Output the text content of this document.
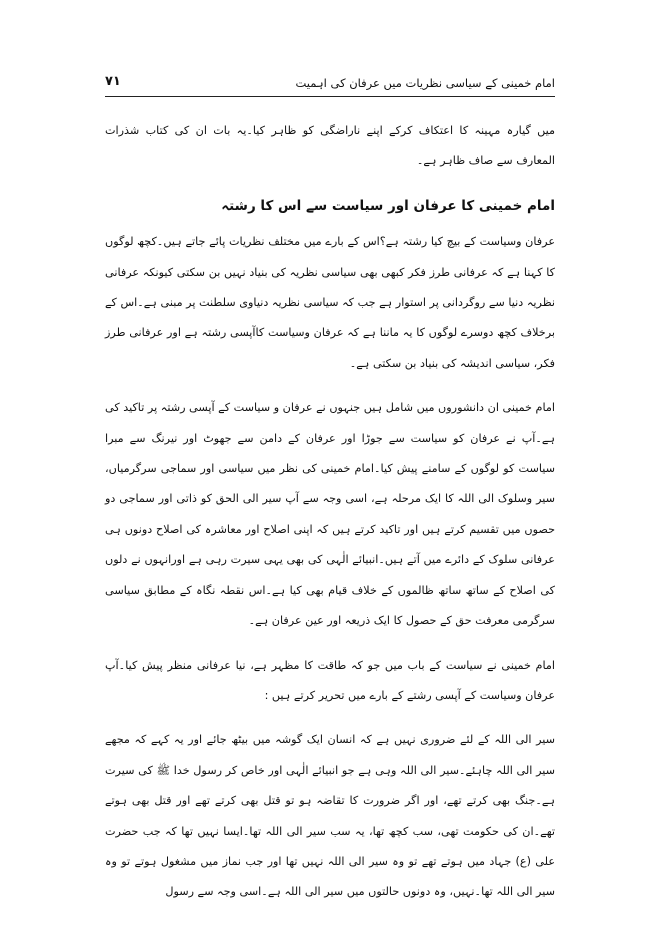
امام خمینی کے سیاسی نظریات میں عرفان کی اہمیت
۷۱

میں گیارہ مہینہ کا اعتکاف کرکے اپنے ناراضگی کو ظاہر کیا۔یہ بات ان کی کتاب شذرات المعارف سے صاف ظاہر ہے۔

امام خمینی کا عرفان اور سیاست سے اس کا رشتہ

عرفان وسیاست کے بیچ کیا رشتہ ہے؟اس کے بارے میں مختلف نظریات پائے جاتے ہیں۔کچھ لوگوں کا کہنا ہے کہ عرفانی طرز فکر کبھی بھی سیاسی نظریہ کی بنیاد نہیں بن سکتی کیونکہ عرفانی نظریہ دنیا سے روگردانی پر استوار ہے جب کہ سیاسی نظریہ دنیاوی سلطنت پر مبنی ہے۔اس کے برخلاف کچھ دوسرے لوگوں کا یہ ماننا ہے کہ عرفان وسیاست کاآپسی رشتہ ہے اور عرفانی طرز فکر، سیاسی اندیشہ کی بنیاد بن سکتی ہے۔

امام خمینی ان دانشوروں میں شامل ہیں جنہوں نے عرفان و سیاست کے آپسی رشتہ پر تاکید کی ہے۔آپ نے عرفان کو سیاست سے جوڑا اور عرفان کے دامن سے جھوٹ اور نیرنگ سے مبرا سیاست کو لوگوں کے سامنے پیش کیا۔امام خمینی کی نظر میں سیاسی اور سماجی سرگرمیاں، سیر وسلوک الی اللہ کا ایک مرحلہ ہے، اسی وجہ سے آپ سیر الی الحق کو ذاتی اور سماجی دو حصوں میں تقسیم کرتے ہیں اور تاکید کرتے ہیں کہ اپنی اصلاح اور معاشرہ کی اصلاح دونوں ہی عرفانی سلوک کے دائرے میں آتے ہیں۔انبیائے الٰہی کی بھی یہی سیرت رہی ہے اورانہوں نے دلوں کی اصلاح کے ساتھ ساتھ ظالموں کے خلاف قیام بھی کیا ہے۔اس نقطہ نگاہ کے مطابق سیاسی سرگرمی معرفت حق کے حصول کا ایک ذریعہ اور عین عرفان ہے۔

امام خمینی نے سیاست کے باب میں جو کہ طاقت کا مظہر ہے، نیا عرفانی منظر پیش کیا۔آپ عرفان وسیاست کے آپسی رشتے کے بارے میں تحریر کرتے ہیں :

سیر الی اللہ کے لئے ضروری نہیں ہے کہ انسان ایک گوشہ میں بیٹھ جائے اور یہ کہے کہ مجھے سیر الی اللہ چاہئے۔سیر الی اللہ وہی ہے جو انبیائے الٰہی اور خاص کر رسول خدا ﷺ کی سیرت ہے۔جنگ بھی کرتے تھے، اور اگر ضرورت کا تقاضہ ہو تو قتل بھی کرتے تھے اور قتل بھی ہوتے تھے۔ان کی حکومت تھی، سب کچھ تھا، یہ سب سیر الی اللہ تھا۔ایسا نہیں تھا کہ جب حضرت علی (ع) جہاد میں ہوتے تھے تو وہ سیر الی اللہ نہیں تھا اور جب نماز میں مشغول ہوتے تو وہ سیر الی اللہ تھا۔نہیں، وہ دونوں حالتوں میں سیر الی اللہ ہے۔اسی وجہ سے رسول
